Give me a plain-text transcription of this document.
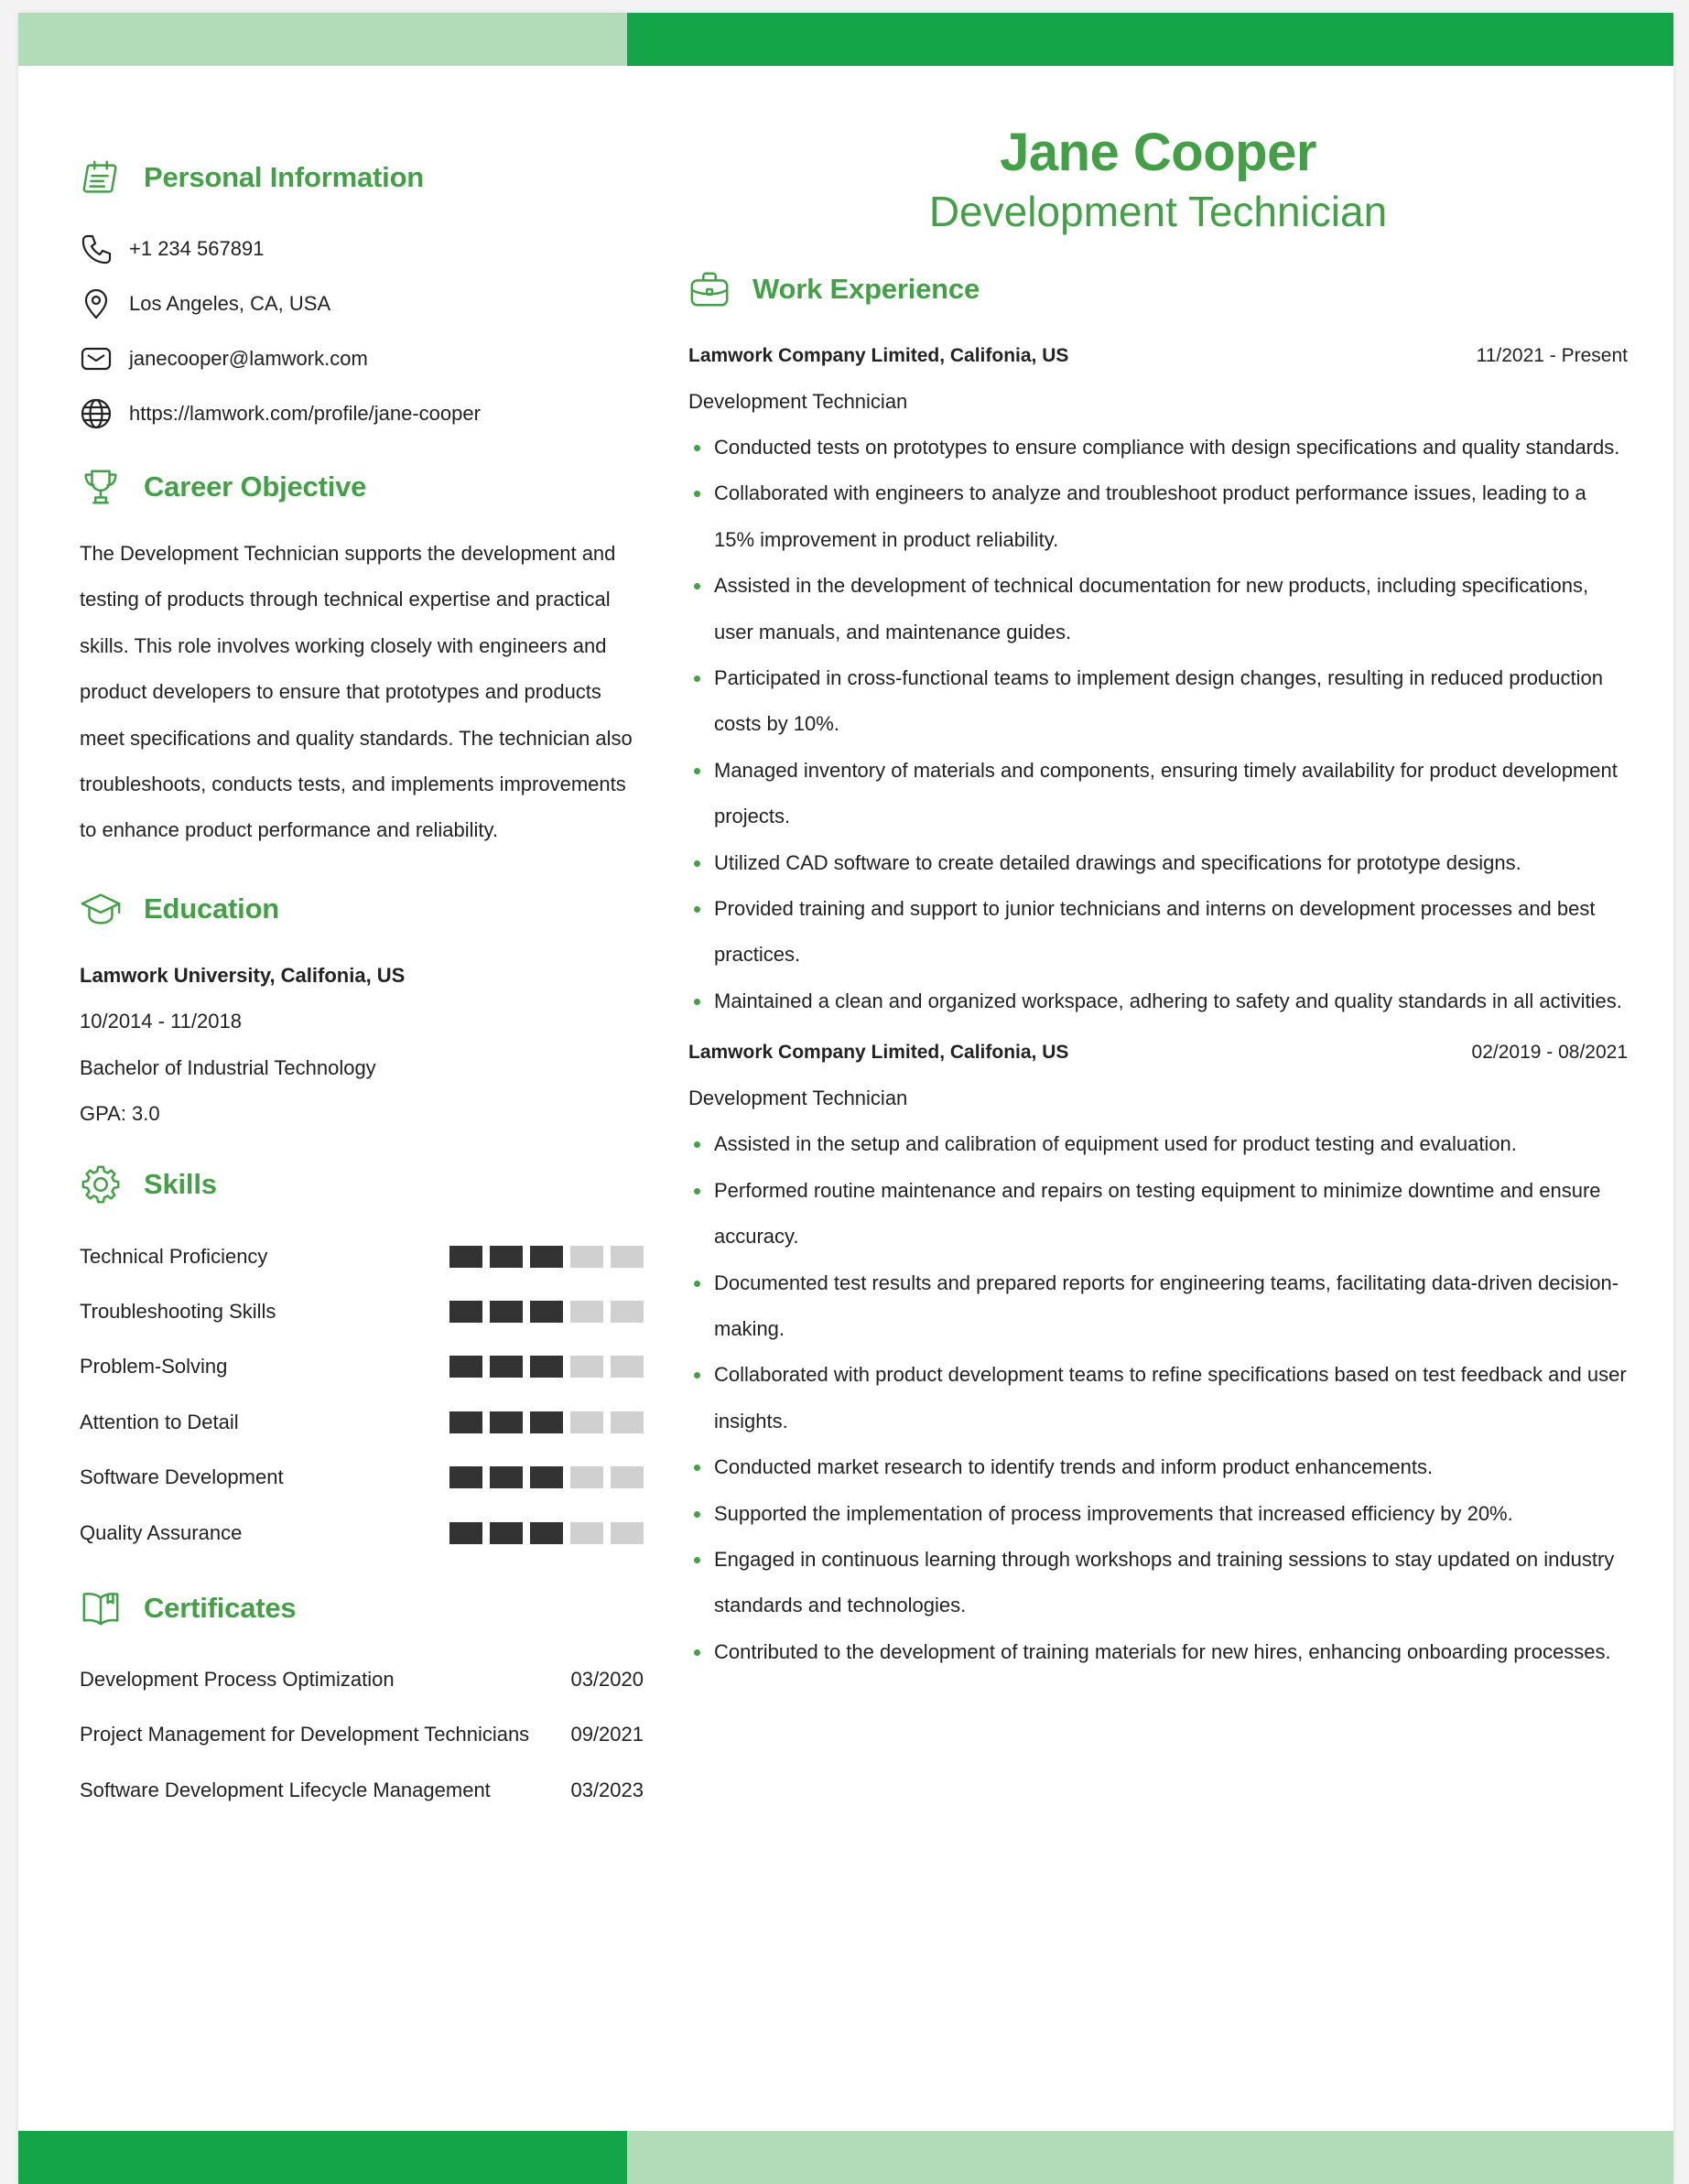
Personal Information
+1 234 567891
Los Angeles, CA, USA
janecooper@lamwork.com
https://lamwork.com/profile/jane-cooper
Career Objective

The Development Technician supports the development and testing of products through technical expertise and practical skills. This role involves working closely with engineers and product developers to ensure that prototypes and products meet specifications and quality standards. The technician also troubleshoots, conducts tests, and implements improvements to enhance product performance and reliability.

Education
Lamwork University, Califonia, US
10/2014 - 11/2018
Bachelor of Industrial Technology
GPA: 3.0
Skills
Technical Proficiency
Troubleshooting Skills
Problem-Solving
Attention to Detail
Software Development
Quality Assurance
Certificates
Development Process Optimization	03/2020
Project Management for Development Technicians 09/2021
Software Development Lifecycle Management	03/2023
Jane Cooper
Development Technician
Work Experience
Lamwork Company Limited, Califonia, US	11/2021 - Present
Development Technician
Conducted tests on prototypes to ensure compliance with design specifications and quality standards.
Collaborated with engineers to analyze and troubleshoot product performance issues, leading to a 15% improvement in product reliability.
Assisted in the development of technical documentation for new products, including specifications, user manuals, and maintenance guides.
Participated in cross-functional teams to implement design changes, resulting in reduced production costs by 10%.
Managed inventory of materials and components, ensuring timely availability for product development projects.
Utilized CAD software to create detailed drawings and specifications for prototype designs.
Provided training and support to junior technicians and interns on development processes and best practices.
Maintained a clean and organized workspace, adhering to safety and quality standards in all activities.
Lamwork Company Limited, Califonia, US	02/2019 - 08/2021
Development Technician
Assisted in the setup and calibration of equipment used for product testing and evaluation.
Performed routine maintenance and repairs on testing equipment to minimize downtime and ensure accuracy.
Documented test results and prepared reports for engineering teams, facilitating data-driven decision-making.
Collaborated with product development teams to refine specifications based on test feedback and user insights.
Conducted market research to identify trends and inform product enhancements.
Supported the implementation of process improvements that increased efficiency by 20%.
Engaged in continuous learning through workshops and training sessions to stay updated on industry standards and technologies.
Contributed to the development of training materials for new hires, enhancing onboarding processes.
